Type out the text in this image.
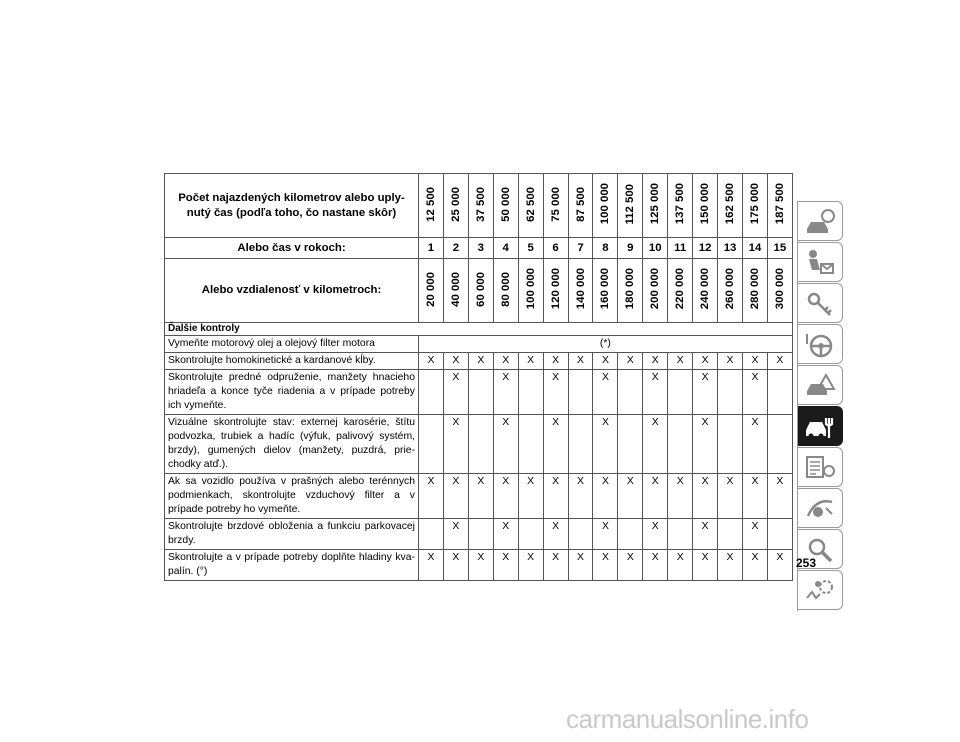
Počet najazdených kilometrov alebo uply- nutý čas (podľa toho, čo nastane skôr)	12 500	25 000	37 500	50 000	62 500	75 000	87 500	100 000	112 500	125 000	137 500	150 000	162 500	175 000	187 500
Alebo čas v rokoch:	1	2	3	4	5	6	7	8	9	10	11	12	13	14	15
Alebo vzdialenosť v kilometroch:	20 000	40 000	60 000	80 000	100 000	120 000	140 000	160 000	180 000	200 000	220 000	240 000	260 000	280 000	300 000
Ďalšie kontroly															
Vymeňte motorový olej a olejový filter motora	(*)														
Skontrolujte homokinetické a kardanové kĺby.	X	X	X	X	X	X	X	X	X	X	X	X	X	X	X
Skontrolujte predné odpruženie, manžety hnacieho hriadeľa a konce tyče riadenia a v prípade potreby ich vymeňte.		X		X		X		X		X		X		X	
Vizuálne skontrolujte stav: externej karosérie, štítu podvozka, trubiek a hadíc (výfuk, palivový systém, brzdy), gumených dielov (manžety, puzdrá, prie- chodky atď.).		X		X		X		X		X		X		X	
Ak sa vozidlo používa v prašných alebo terénnych podmienkach, skontrolujte vzduchový filter a v prípade potreby ho vymeňte.	X	X	X	X	X	X	X	X	X	X	X	X	X	X	X
Skontrolujte brzdové obloženia a funkciu parkovacej brzdy.		X		X		X		X		X		X		X	
Skontrolujte a v prípade potreby doplňte hladiny kva- palín. (°)	X	X	X	X	X	X	X	X	X	X	X	X	X	X	X 253
carmanualsonline.info
